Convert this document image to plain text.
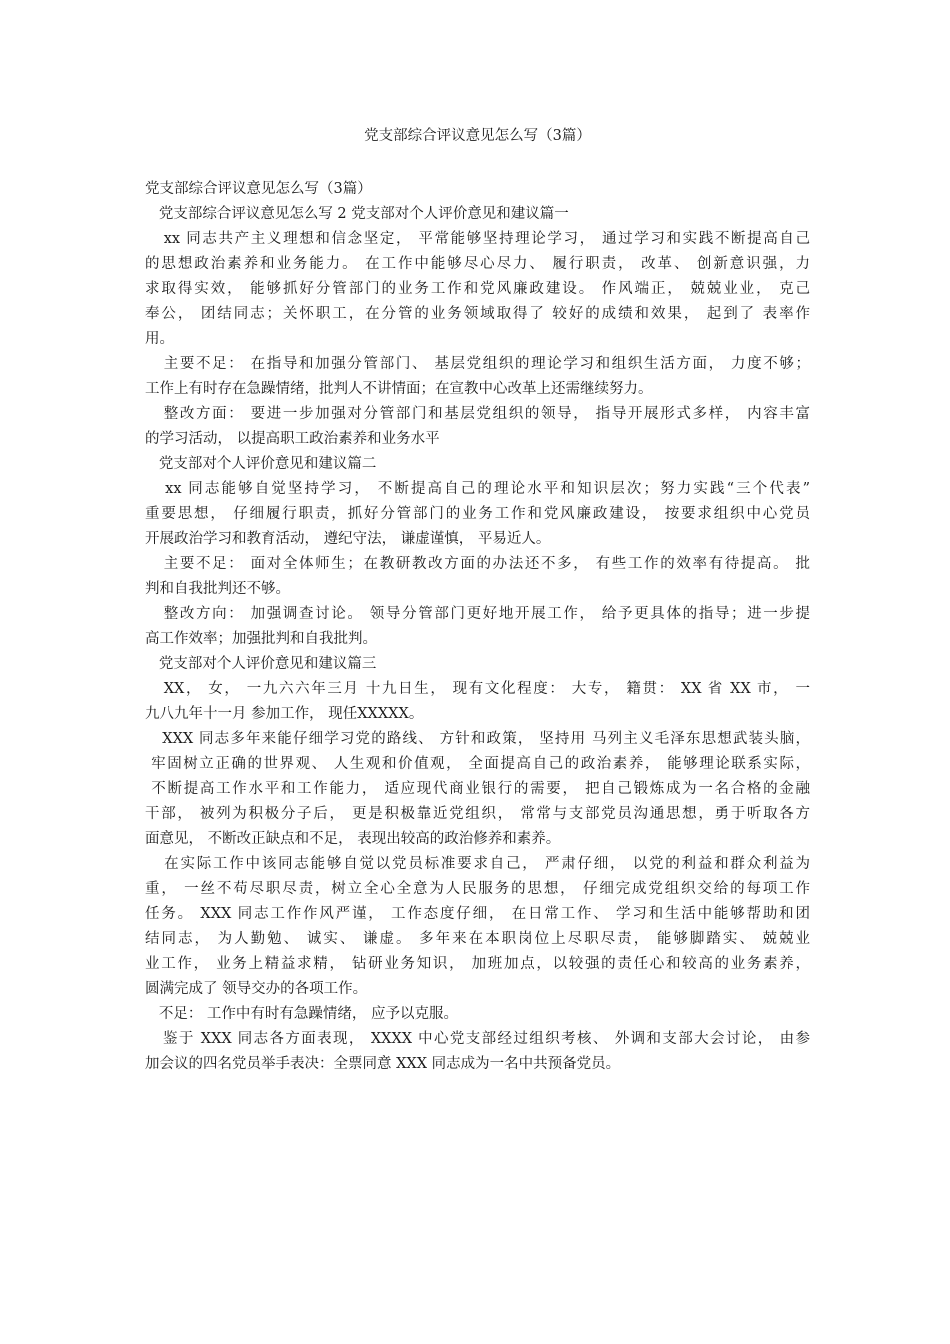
党支部综合评议意见怎么写（3篇）
党支部综合评议意见怎么写（3篇）
党支部综合评议意见怎么写 2 党支部对个人评价意见和建议篇一
xx 同志共产主义理想和信念坚定， 平常能够坚持理论学习， 通过学习和实践不断提高自己
的思想政治素养和业务能力。 在工作中能够尽心尽力、 履行职责， 改革、 创新意识强，力
求取得实效， 能够抓好分管部门的业务工作和党风廉政建设。 作风端正， 兢兢业业， 克己
奉公， 团结同志；关怀职工，在分管的业务领域取得了 较好的成绩和效果， 起到了 表率作
用。
主要不足： 在指导和加强分管部门、 基层党组织的理论学习和组织生活方面， 力度不够；
工作上有时存在急躁情绪，批判人不讲情面；在宣教中心改革上还需继续努力。
整改方面： 要进一步加强对分管部门和基层党组织的领导， 指导开展形式多样， 内容丰富
的学习活动， 以提高职工政治素养和业务水平
党支部对个人评价意见和建议篇二
xx 同志能够自觉坚持学习， 不断提高自己的理论水平和知识层次；努力实践“三个代表”
重要思想， 仔细履行职责，抓好分管部门的业务工作和党风廉政建设， 按要求组织中心党员
开展政治学习和教育活动， 遵纪守法， 谦虚谨慎， 平易近人。
主要不足： 面对全体师生；在教研教改方面的办法还不多， 有些工作的效率有待提高。 批
判和自我批判还不够。
整改方向： 加强调查讨论。 领导分管部门更好地开展工作， 给予更具体的指导；进一步提
高工作效率；加强批判和自我批判。
党支部对个人评价意见和建议篇三
XX， 女， 一九六六年三月 十九日生， 现有文化程度： 大专， 籍贯： XX 省 XX 市， 一
九八九年十一月 参加工作， 现任XXXXX。
XXX 同志多年来能仔细学习党的路线、 方针和政策， 坚持用 马列主义毛泽东思想武装头脑，
牢固树立正确的世界观、 人生观和价值观， 全面提高自己的政治素养， 能够理论联系实际，
不断提高工作水平和工作能力， 适应现代商业银行的需要， 把自己锻炼成为一名合格的金融
干部， 被列为积极分子后， 更是积极靠近党组织， 常常与支部党员沟通思想，勇于听取各方
面意见， 不断改正缺点和不足， 表现出较高的政治修养和素养。
在实际工作中该同志能够自觉以党员标准要求自己， 严肃仔细， 以党的利益和群众利益为
重， 一丝不苟尽职尽责，树立全心全意为人民服务的思想， 仔细完成党组织交给的每项工作
任务。 XXX 同志工作作风严谨， 工作态度仔细， 在日常工作、 学习和生活中能够帮助和团
结同志， 为人勤勉、 诚实、 谦虚。 多年来在本职岗位上尽职尽责， 能够脚踏实、 兢兢业
业工作， 业务上精益求精， 钻研业务知识， 加班加点，以较强的责任心和较高的业务素养，
圆满完成了 领导交办的各项工作。
不足： 工作中有时有急躁情绪， 应予以克服。
鉴于 XXX 同志各方面表现， XXXX 中心党支部经过组织考核、 外调和支部大会讨论， 由参
加会议的四名党员举手表决：全票同意 XXX 同志成为一名中共预备党员。
